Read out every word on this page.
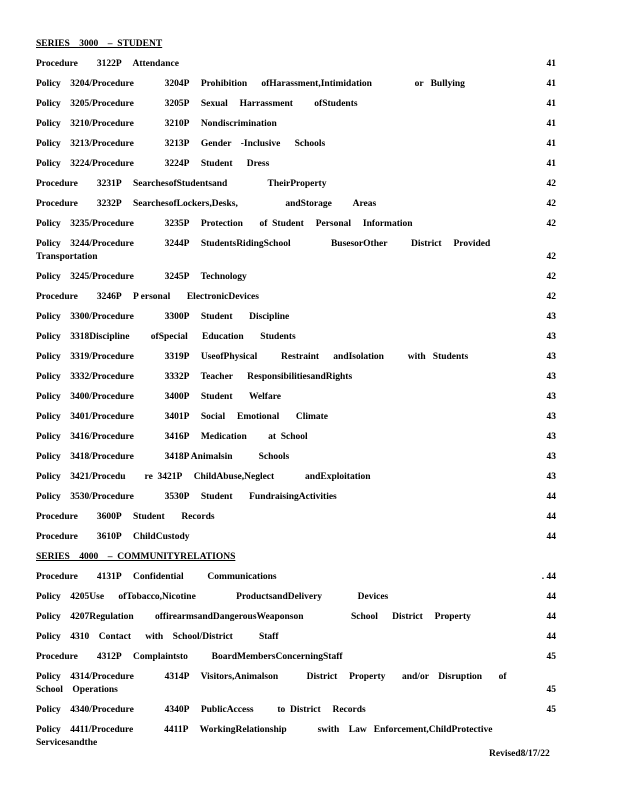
SERIES    3000    –  STUDENT
Procedure        3122P     Attendance	41
Policy    3204/Procedure             3204P     Prohibition      ofHarassment,Intimidation                  or   Bullying	41
Policy    3205/Procedure             3205P     Sexual     Harrassment         ofStudents	41
Policy    3210/Procedure             3210P     Nondiscrimination	41
Policy    3213/Procedure             3213P     Gender    -Inclusive      Schools	41
Policy    3224/Procedure             3224P     Student      Dress	41
Procedure        3231P     SearchesofStudentsand                 TheirProperty	42
Procedure        3232P     SearchesofLockers,Desks,                    andStorage         Areas	42
Policy    3235/Procedure             3235P     Protection       of  Student     Personal     Information	42
Policy    3244/Procedure             3244P     StudentsRidingSchool                 BusesorOther          District     Provided
Transportation	42
Policy    3245/Procedure             3245P     Technology	42
Procedure        3246P     P ersonal       ElectronicDevices	42
Policy    3300/Procedure             3300P     Student       Discipline	43
Policy    3318Discipline         ofSpecial      Education       Students	43
Policy    3319/Procedure             3319P     UseofPhysical          Restraint      andIsolation          with   Students	43
Policy    3332/Procedure             3332P     Teacher      ResponsibilitiesandRights	43
Policy    3400/Procedure             3400P     Student       Welfare	43
Policy    3401/Procedure             3401P     Social     Emotional       Climate	43
Policy    3416/Procedure             3416P     Medication         at  School	43
Policy    3418/Procedure             3418P Animalsin           Schools	43
Policy    3421/Procedu        re  3421P     ChildAbuse,Neglect             andExploitation	43
Policy    3530/Procedure             3530P     Student       FundraisingActivities	44
Procedure        3600P     Student       Records	44
Procedure        3610P     ChildCustody	44
SERIES    4000    –  COMMUNITYRELATIONS
Procedure        4131P     Confidential          Communications	. 44
Policy    4205Use      ofTobacco,Nicotine                 ProductsandDelivery               Devices	44
Policy    4207Regulation         offirearmsandDangerousWeaponson                    School      District     Property	44
Policy    4310    Contact      with    School/District           Staff	44
Procedure        4312P     Complaintsto          BoardMembersConcerningStaff	45
Policy    4314/Procedure             4314P     Visitors,Animalson            District     Property       and/or    Disruption       of
School    Operations	45
Policy    4340/Procedure             4340P     PublicAccess          to  District     Records	45
Policy    4411/Procedure             4411P     WorkingRelationship             swith    Law   Enforcement,ChildProtective
Servicesandthe
Revised8/17/22
